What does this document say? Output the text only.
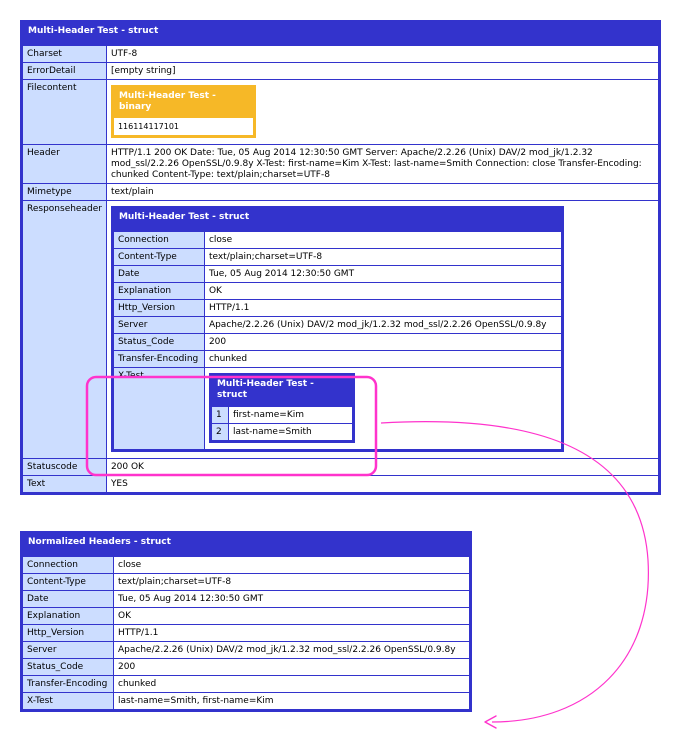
Multi-Header Test - struct
Charset	UTF-8
ErrorDetail	[empty string]
Filecontent	
Multi-Header Test - binary
116114117101

Header	HTTP/1.1 200 OK Date: Tue, 05 Aug 2014 12:30:50 GMT Server: Apache/2.2.26 (Unix) DAV/2 mod_jk/1.2.32 mod_ssl/2.2.26 OpenSSL/0.9.8y X-Test: first-name=Kim X-Test: last-name=Smith Connection: close Transfer-Encoding: chunked Content-Type: text/plain;charset=UTF-8
Mimetype	text/plain
Responseheader	
Multi-Header Test - struct
Connection	close
Content-Type	text/plain;charset=UTF-8
Date	Tue, 05 Aug 2014 12:30:50 GMT
Explanation	OK
Http_Version	HTTP/1.1
Server	Apache/2.2.26 (Unix) DAV/2 mod_jk/1.2.32 mod_ssl/2.2.26 OpenSSL/0.9.8y
Status_Code	200
Transfer-Encoding	chunked
X-Test	
Multi-Header Test - struct
1	first-name=Kim
2	last-name=Smith

Statuscode	200 OK
Text	YES
Normalized Headers - struct	
Connection	close
Content-Type	text/plain;charset=UTF-8
Date	Tue, 05 Aug 2014 12:30:50 GMT
Explanation	OK
Http_Version	HTTP/1.1
Server	Apache/2.2.26 (Unix) DAV/2 mod_jk/1.2.32 mod_ssl/2.2.26 OpenSSL/0.9.8y
Status_Code	200
Transfer-Encoding	chunked
X-Test	last-name=Smith, first-name=Kim
